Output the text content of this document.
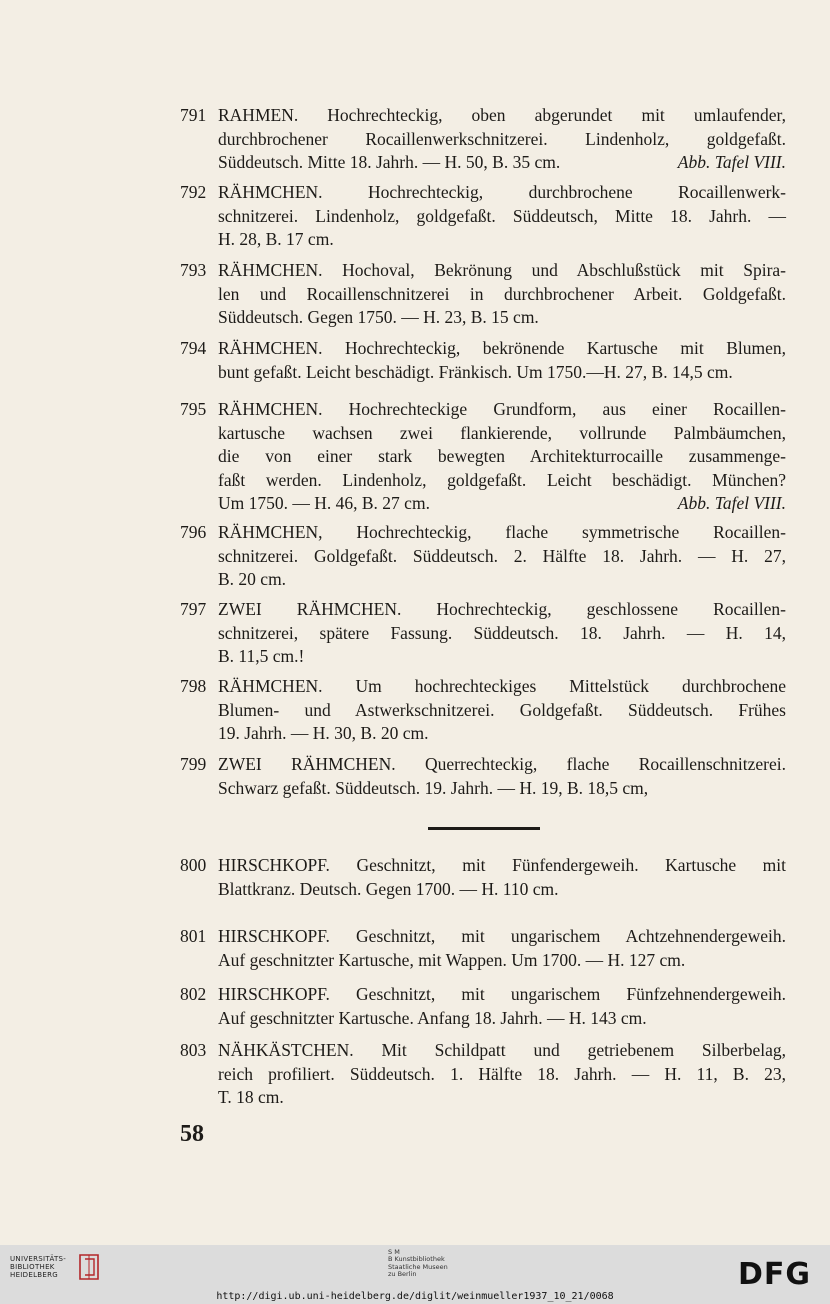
791 RAHMEN. Hochrechteckig, oben abgerundet mit umlaufender,
durchbrochener Rocaillenwerkschnitzerei. Lindenholz, goldgefaßt.
Abb. Tafel VIII.
Süddeutsch. Mitte 18. Jahrh. — H. 50, B. 35 cm.
792 RÄHMCHEN. Hochrechteckig, durchbrochene Rocaillenwerk-
schnitzerei. Lindenholz, goldgefaßt. Süddeutsch, Mitte 18. Jahrh. —
H. 28, B. 17 cm.
793 RÄHMCHEN. Hochoval, Bekrönung und Abschlußstück mit Spira-
len und Rocaillenschnitzerei in durchbrochener Arbeit. Goldgefaßt.
Süddeutsch. Gegen 1750. — H. 23, B. 15 cm.
794 RÄHMCHEN. Hochrechteckig, bekrönende Kartusche mit Blumen,
bunt gefaßt. Leicht beschädigt. Fränkisch. Um 1750.—H. 27, B. 14,5 cm.
795 RÄHMCHEN. Hochrechteckige Grundform, aus einer Rocaillen-
kartusche wachsen zwei flankierende, vollrunde Palmbäumchen,
die von einer stark bewegten Architekturrocaille zusammenge-
faßt werden. Lindenholz, goldgefaßt. Leicht beschädigt. München?
Abb. Tafel VIII.
Um 1750. — H. 46, B. 27 cm.
796 RÄHMCHEN, Hochrechteckig, flache symmetrische Rocaillen-
schnitzerei. Goldgefaßt. Süddeutsch. 2. Hälfte 18. Jahrh. — H. 27,
B. 20 cm.
797 ZWEI RÄHMCHEN. Hochrechteckig, geschlossene Rocaillen-
schnitzerei, spätere Fassung. Süddeutsch. 18. Jahrh. — H. 14,
B. 11,5 cm.!
798 RÄHMCHEN. Um hochrechteckiges Mittelstück durchbrochene
Blumen- und Astwerkschnitzerei. Goldgefaßt. Süddeutsch. Frühes
19. Jahrh. — H. 30, B. 20 cm.
799 ZWEI RÄHMCHEN. Querrechteckig, flache Rocaillenschnitzerei.
Schwarz gefaßt. Süddeutsch. 19. Jahrh. — H. 19, B. 18,5 cm,
800 HIRSCHKOPF. Geschnitzt, mit Fünfendergeweih. Kartusche mit
Blattkranz. Deutsch. Gegen 1700. — H. 110 cm.
801 HIRSCHKOPF. Geschnitzt, mit ungarischem Achtzehnendergeweih.
Auf geschnitzter Kartusche, mit Wappen. Um 1700. — H. 127 cm.
802 HIRSCHKOPF. Geschnitzt, mit ungarischem Fünfzehnendergeweih.
Auf geschnitzter Kartusche. Anfang 18. Jahrh. — H. 143 cm.
803 NÄHKÄSTCHEN. Mit Schildpatt und getriebenem Silberbelag,
reich profiliert. Süddeutsch. 1. Hälfte 18. Jahrh. — H. 11, B. 23,
T. 18 cm.
58
UNIVERSITÄTS-
BIBLIOTHEK
HEIDELBERG
S M
B Kunstbibliothek
Staatliche Museen
zu Berlin	DFG
http://digi.ub.uni-heidelberg.de/diglit/weinmueller1937_10_21/0068
